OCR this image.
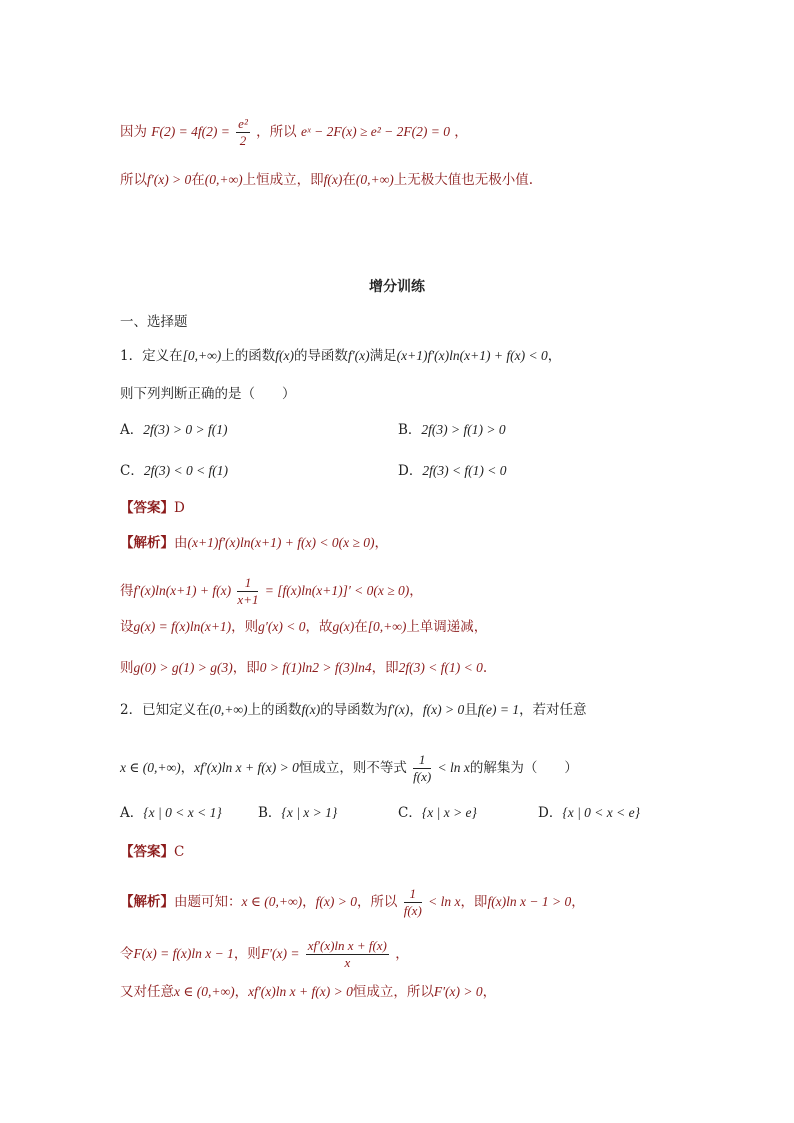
因为 $F(2) = 4f(2) = \frac{\text{e²}}{2}$ ，所以 eˣ − 2F(x) ≥ e² − 2F(2) = 0 ，
所以f′(x) > 0在(0,+∞)上恒成立，即f(x)在(0,+∞)上无极大值也无极小值.
增分训练
一、选择题
1．定义在[0,+∞)上的函数f(x)的导函数f′(x)满足(x+1)f′(x)ln(x+1) + f(x) < 0，
则下列判断正确的是（　　）
A．2f(3) > 0 > f(1)	B．2f(3) > f(1) > 0
C．2f(3) < 0 < f(1)	D．2f(3) < f(1) < 0
【答案】D
【解析】由(x+1)f′(x)ln(x+1) + f(x) < 0(x ≥ 0)，
得$f'(x)\ln(x+1) + f(x) \frac{1}{x+1} = [f(x)\ln(x+1)]' < 0(x \ge 0)$，
设g(x) = f(x)ln(x+1)，则g′(x) < 0，故g(x)在[0,+∞)上单调递减，
则g(0) > g(1) > g(3)，即0 > f(1)ln2 > f(3)ln4，即2f(3) < f(1) < 0.
2．已知定义在(0,+∞)上的函数f(x)的导函数为f′(x)，f(x) > 0且f(e) = 1，若对任意
x ∈ (0,+∞)，xf′(x)ln x + f(x) > 0恒成立，则不等式 $\frac{1}{f(x)} < \ln x$的解集为（　　）
A．{x | 0 < x < 1}	B．{x | x > 1}	C．{x | x > e}	D．{x | 0 < x < e}
【答案】C
【解析】由题可知：x ∈ (0,+∞)，f(x) > 0，所以 $\frac{1}{f(x)} < \ln x$，即f(x)ln x − 1 > 0，
令F(x) = f(x)ln x − 1，则$F'(x) = \frac{\text{xf′(x)ln x + f(x)}}{x}$ ，
又对任意x ∈ (0,+∞)，xf′(x)ln x + f(x) > 0恒成立，所以F′(x) > 0，
